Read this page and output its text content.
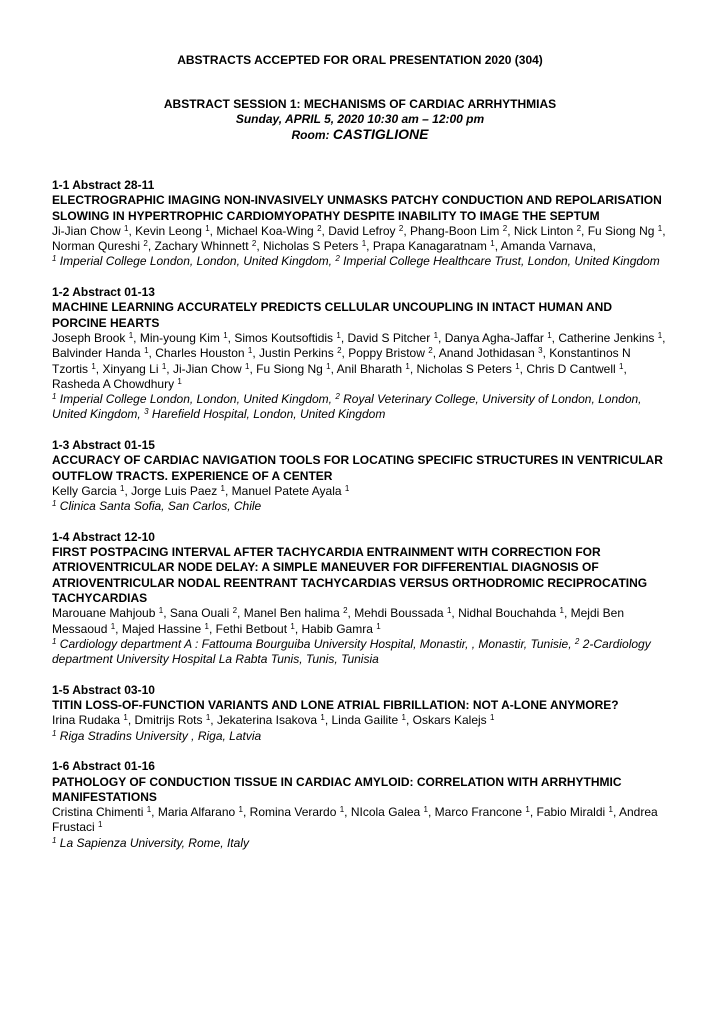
ABSTRACTS ACCEPTED FOR ORAL PRESENTATION 2020 (304)
ABSTRACT SESSION 1: MECHANISMS OF CARDIAC ARRHYTHMIAS
Sunday, APRIL 5, 2020 10:30 am – 12:00 pm
Room: CASTIGLIONE
1-1 Abstract 28-11
ELECTROGRAPHIC IMAGING NON-INVASIVELY UNMASKS PATCHY CONDUCTION AND REPOLARISATION SLOWING IN HYPERTROPHIC CARDIOMYOPATHY DESPITE INABILITY TO IMAGE THE SEPTUM
Ji-Jian Chow $^1$, Kevin Leong $^1$, Michael Koa-Wing $^2$, David Lefroy $^2$, Phang-Boon Lim $^2$, Nick Linton $^2$, Fu Siong Ng $^1$, Norman Qureshi $^2$, Zachary Whinnett $^2$, Nicholas S Peters $^1$, Prapa Kanagaratnam $^1$, Amanda Varnava,
$^1$ Imperial College London, London, United Kingdom, $^2$ Imperial College Healthcare Trust, London, United Kingdom
1-2 Abstract 01-13
MACHINE LEARNING ACCURATELY PREDICTS CELLULAR UNCOUPLING IN INTACT HUMAN AND PORCINE HEARTS
Joseph Brook $^1$, Min-young Kim $^1$, Simos Koutsoftidis $^1$, David S Pitcher $^1$, Danya Agha-Jaffar $^1$, Catherine Jenkins $^1$, Balvinder Handa $^1$, Charles Houston $^1$, Justin Perkins $^2$, Poppy Bristow $^2$, Anand Jothidasan $^3$, Konstantinos N Tzortis $^1$, Xinyang Li $^1$, Ji-Jian Chow $^1$, Fu Siong Ng $^1$, Anil Bharath $^1$, Nicholas S Peters $^1$, Chris D Cantwell $^1$, Rasheda A Chowdhury $^1$
$^1$ Imperial College London, London, United Kingdom, $^2$ Royal Veterinary College, University of London, London, United Kingdom, $^3$ Harefield Hospital, London, United Kingdom
1-3 Abstract 01-15
ACCURACY OF CARDIAC NAVIGATION TOOLS FOR LOCATING SPECIFIC STRUCTURES IN VENTRICULAR OUTFLOW TRACTS. EXPERIENCE OF A CENTER
Kelly Garcia $^1$, Jorge Luis Paez $^1$, Manuel Patete Ayala $^1$
$^1$ Clinica Santa Sofia, San Carlos, Chile
1-4 Abstract 12-10
FIRST POSTPACING INTERVAL AFTER TACHYCARDIA ENTRAINMENT WITH CORRECTION FOR ATRIOVENTRICULAR NODE DELAY: A SIMPLE MANEUVER FOR DIFFERENTIAL DIAGNOSIS OF ATRIOVENTRICULAR NODAL REENTRANT TACHYCARDIAS VERSUS ORTHODROMIC RECIPROCATING TACHYCARDIAS
Marouane Mahjoub $^1$, Sana Ouali $^2$, Manel Ben halima $^2$, Mehdi Boussada $^1$, Nidhal Bouchahda $^1$, Mejdi Ben Messaoud $^1$, Majed Hassine $^1$, Fethi Betbout $^1$, Habib Gamra $^1$
$^1$ Cardiology department A : Fattouma Bourguiba University Hospital, Monastir, , Monastir, Tunisie, $^2$ 2-Cardiology department University Hospital La Rabta Tunis, Tunis, Tunisia
1-5 Abstract 03-10
TITIN LOSS-OF-FUNCTION VARIANTS AND LONE ATRIAL FIBRILLATION: NOT A-LONE ANYMORE?
Irina Rudaka $^1$, Dmitrijs Rots $^1$, Jekaterina Isakova $^1$, Linda Gailite $^1$, Oskars Kalejs $^1$
$^1$ Riga Stradins University , Riga, Latvia
1-6 Abstract 01-16
PATHOLOGY OF CONDUCTION TISSUE IN CARDIAC AMYLOID: CORRELATION WITH ARRHYTHMIC MANIFESTATIONS
Cristina Chimenti $^1$, Maria Alfarano $^1$, Romina Verardo $^1$, NIcola Galea $^1$, Marco Francone $^1$, Fabio Miraldi $^1$, Andrea Frustaci $^1$
$^1$ La Sapienza University, Rome, Italy
